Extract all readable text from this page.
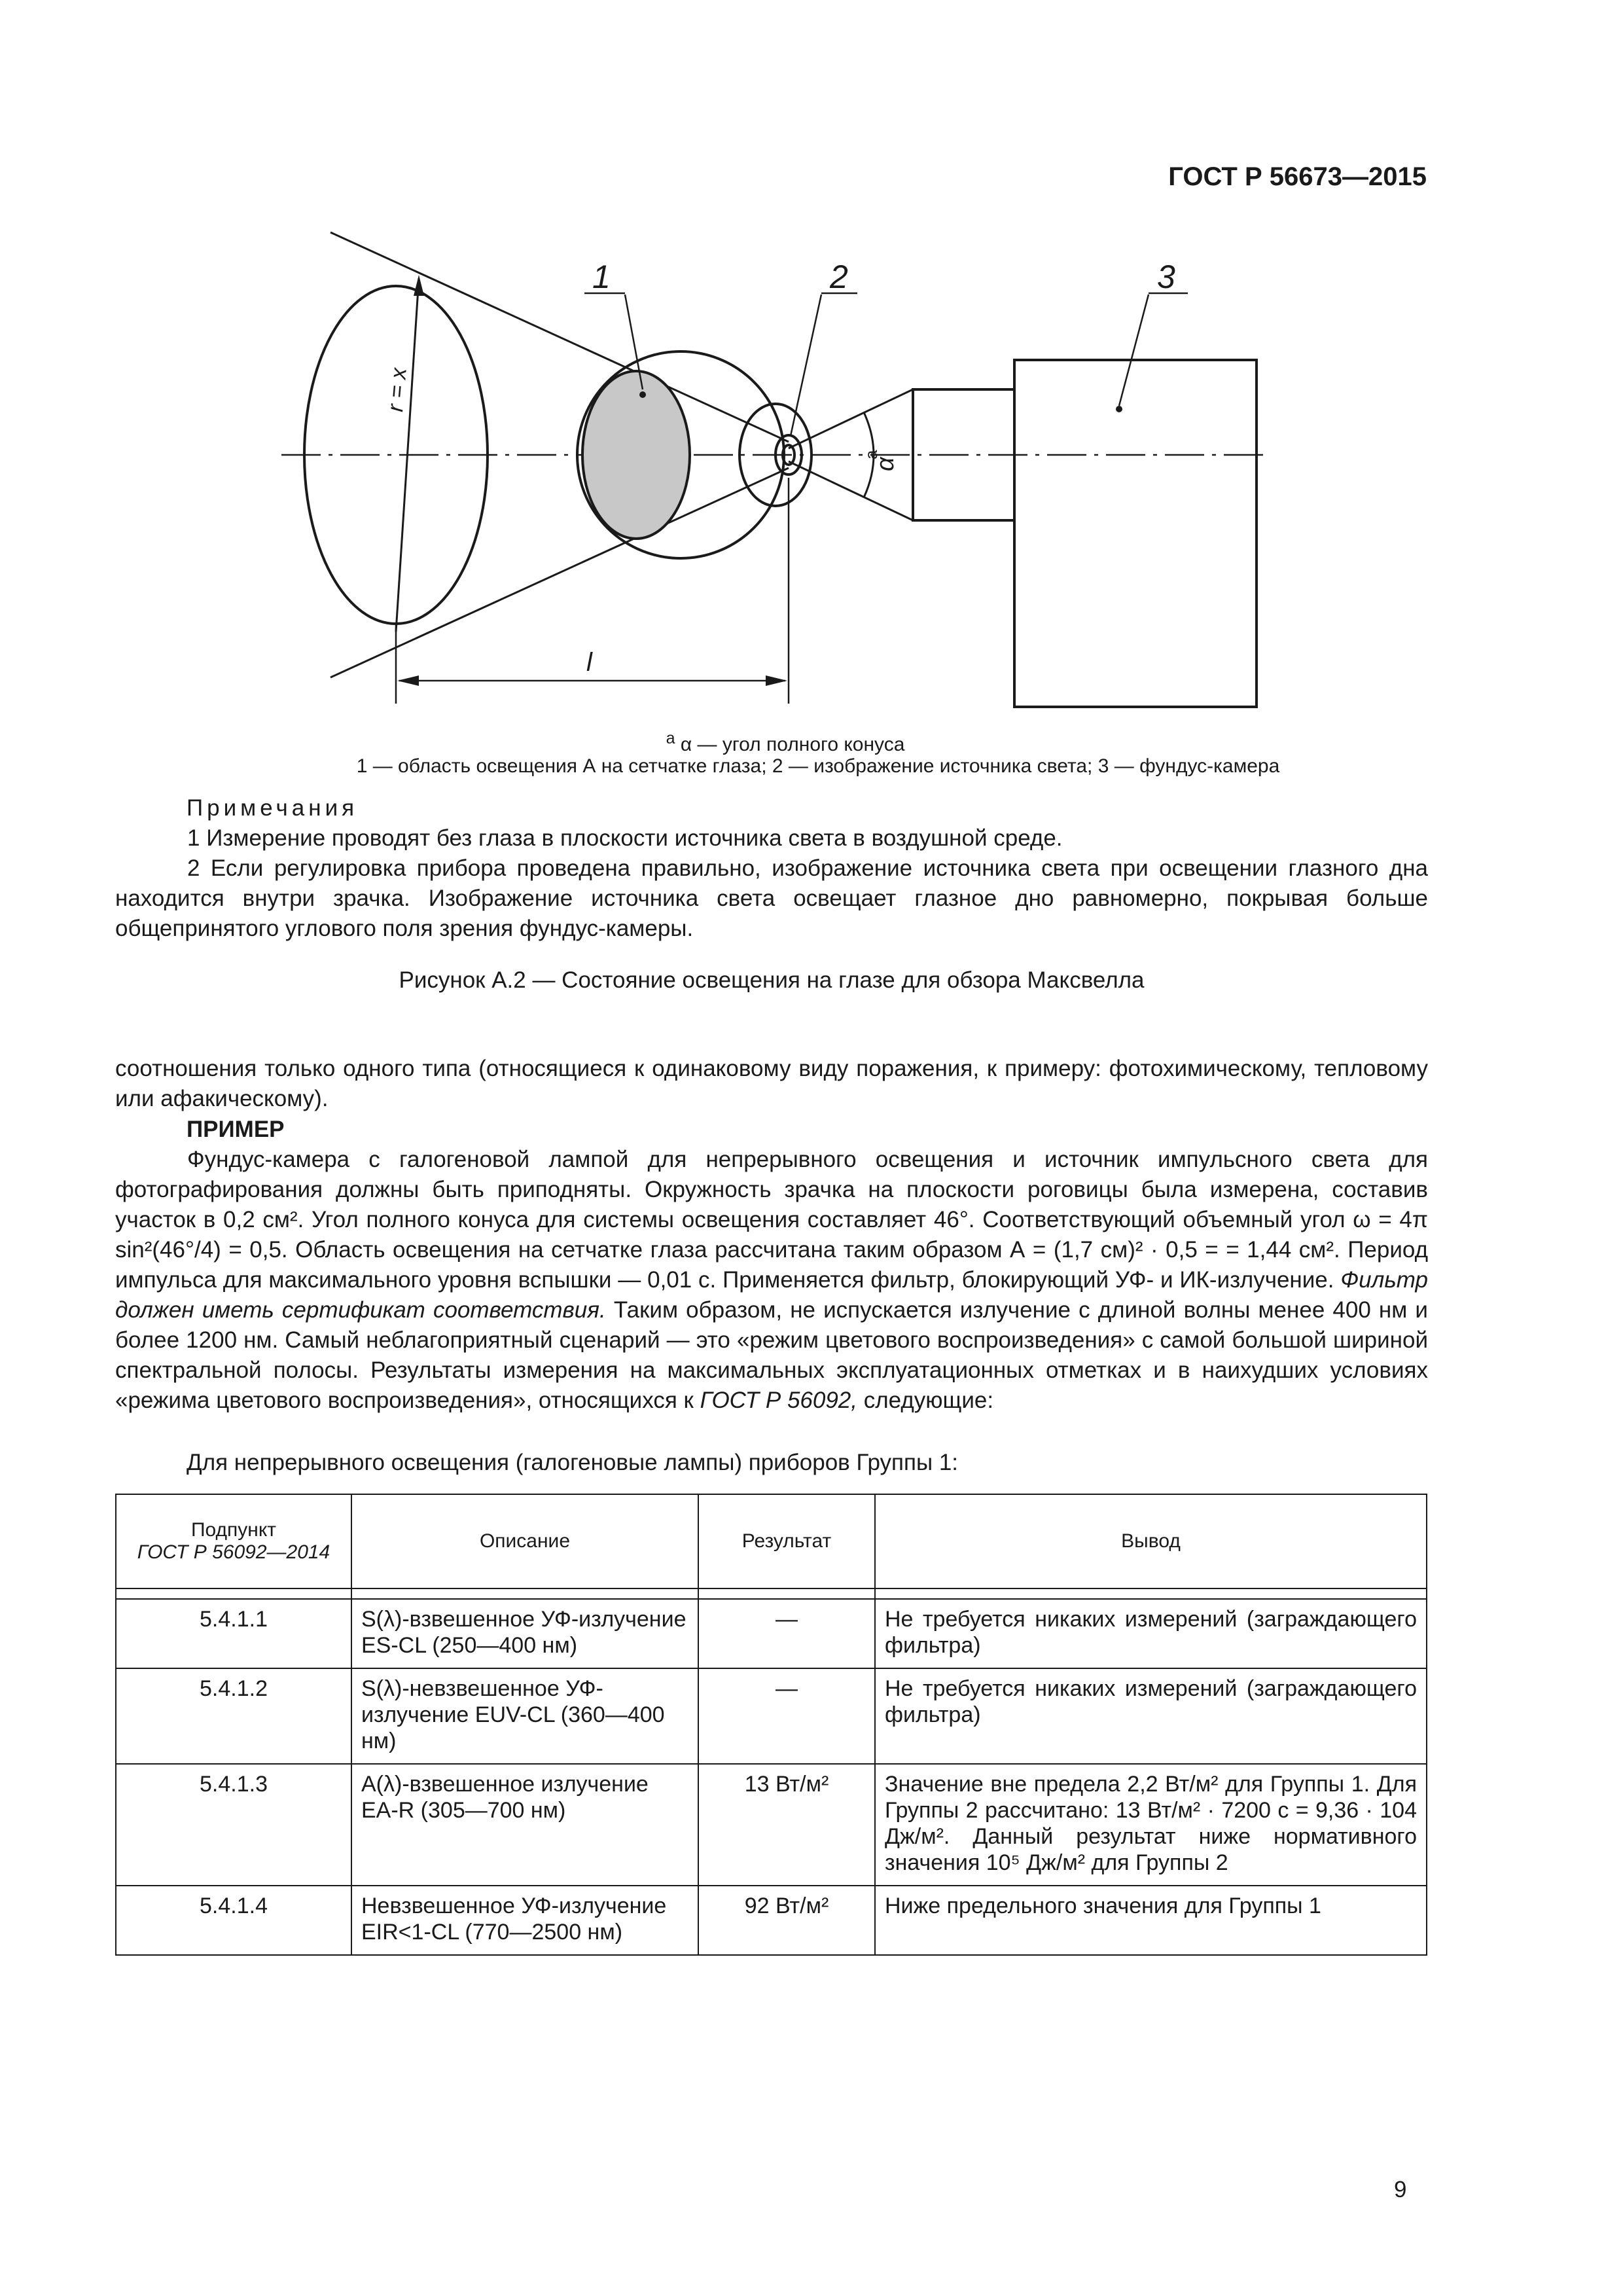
ГОСТ Р 56673—2015
1	2	3
r = x
l
α
a
$^a$ α — угол полного конуса
1 — область освещения А на сетчатке глаза; 2 — изображение источника света; 3 — фундус-камера
Примечания
1 Измерение проводят без глаза в плоскости источника света в воздушной среде.
2 Если регулировка прибора проведена правильно, изображение источника света при освещении глазного дна находится внутри зрачка. Изображение источника света освещает глазное дно равномерно, покрывая больше общепринятого углового поля зрения фундус-камеры.
Рисунок А.2 — Состояние освещения на глазе для обзора Максвелла
соотношения только одного типа (относящиеся к одинаковому виду поражения, к примеру: фотохимическому, тепловому или афакическому).
ПРИМЕР
Фундус-камера с галогеновой лампой для непрерывного освещения и источник импульсного света для фотографирования должны быть приподняты. Окружность зрачка на плоскости роговицы была измерена, составив участок в 0,2 см². Угол полного конуса для системы освещения составляет 46°. Соответствующий объемный угол ω = 4π sin²(46°/4) = 0,5. Область освещения на сетчатке глаза рассчитана таким образом А = (1,7 см)² · 0,5 = = 1,44 см². Период импульса для максимального уровня вспышки — 0,01 с. Применяется фильтр, блокирующий УФ- и ИК-излучение. Фильтр должен иметь сертификат соответствия. Таким образом, не испускается излучение с длиной волны менее 400 нм и более 1200 нм. Самый неблагоприятный сценарий — это «режим цветового воспроизведения» с самой большой шириной спектральной полосы. Результаты измерения на максимальных эксплуатационных отметках и в наихудших условиях «режима цветового воспроизведения», относящихся к ГОСТ Р 56092, следующие:
Для непрерывного освещения (галогеновые лампы) приборов Группы 1:
Подпункт
ГОСТ Р 56092—2014	Описание	Результат	Вывод

5.4.1.1	S(λ)-взвешенное УФ-излучение ES-CL (250—400 нм)	—	Не требуется никаких измерений (заграждающего фильтра)
5.4.1.2	S(λ)-невзвешенное УФ-излучение EUV-CL (360—400 нм)	—	Не требуется никаких измерений (заграждающего фильтра)
5.4.1.3	A(λ)-взвешенное излучение EA-R (305—700 нм)	13 Вт/м²	Значение вне предела 2,2 Вт/м² для Группы 1. Для Группы 2 рассчитано: 13 Вт/м² · 7200 с = 9,36 · 104 Дж/м². Данный результат ниже нормативного значения 10⁵ Дж/м² для Группы 2
5.4.1.4	Невзвешенное УФ-излучение EIR<1-CL (770—2500 нм)	92 Вт/м²	Ниже предельного значения для Группы 1
9
